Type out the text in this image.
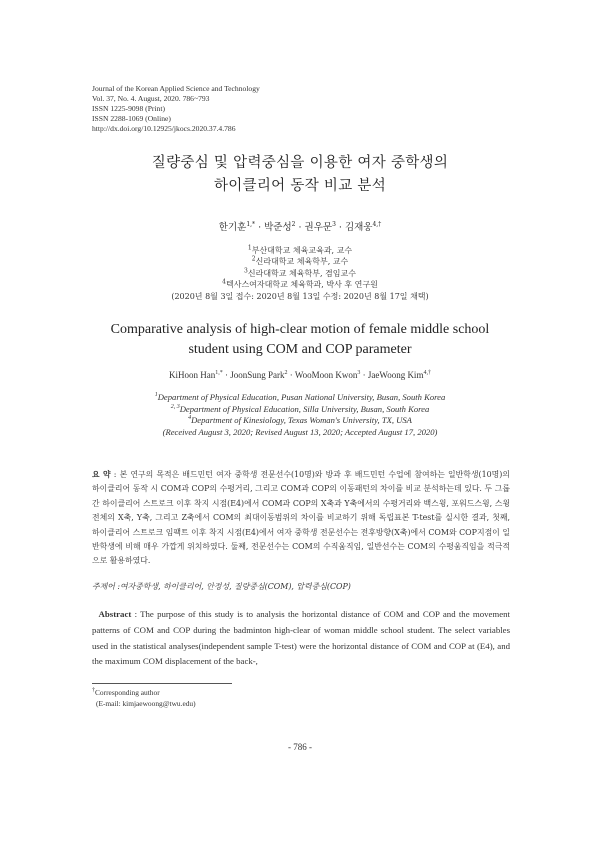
Journal of the Korean Applied Science and Technology
Vol. 37, No. 4. August, 2020. 786~793
ISSN 1225-9098 (Print)
ISSN 2288-1069 (Online)
http://dx.doi.org/10.12925/jkocs.2020.37.4.786
질량중심 및 압력중심을 이용한 여자 중학생의
하이클리어 동작 비교 분석
한기훈$^{1,*}$ · 박준성$^2$ · 권우문$^3$ · 김재웅$^{4,\dagger}$
$^1$부산대학교 체육교육과, 교수
$^2$신라대학교 체육학부, 교수
$^3$신라대학교 체육학부, 겸임교수
$^4$텍사스여자대학교 체육학과, 박사 후 연구원
(2020년 8월 3일 접수: 2020년 8월 13일 수정: 2020년 8월 17일 채택)
Comparative analysis of high-clear motion of female middle school
student using COM and COP parameter
KiHoon Han$^{1,*}$ · JoonSung Park$^2$ · WooMoon Kwon$^3$ · JaeWoong Kim$^{4,\dagger}$
$^1$Department of Physical Education, Pusan National University, Busan, South Korea
$^{2, 3}$Department of Physical Education, Silla University, Busan, South Korea
$^4$Department of Kinesiology, Texas Woman's University, TX, USA
(Received August 3, 2020; Revised August 13, 2020; Accepted August 17, 2020)
요 약 : 본 연구의 목적은 배드민턴 여자 중학생 전문선수(10명)와 방과 후 배드민턴 수업에 참여하는 일반학생(10명)의 하이클리어 동작 시 COM과 COP의 수평거리, 그리고 COM과 COP의 이동패턴의 차이를 비교 분석하는데 있다. 두 그룹 간 하이클리어 스트로크 이후 착지 시점(E4)에서 COM과 COP의 X축과 Y축에서의 수평거리와 백스윙, 포워드스윙, 스윙전체의 X축, Y축, 그리고 Z축에서 COM의 최대이동범위의 차이를 비교하기 위해 독립표본 T-test를 실시한 결과, 첫째, 하이클리어 스트로크 임팩트 이후 착지 시점(E4)에서 여자 중학생 전문선수는 전후방향(X축)에서 COM와 COP지점이 일반학생에 비해 매우 가깝게 위치하였다. 둘째, 전문선수는 COM의 수직움직임, 일반선수는 COM의 수평움직임을 적극적으로 활용하였다.
주제어 :여자중학생, 하이클리어, 안정성, 질량중심(COM), 압력중심(COP)
Abstract : The purpose of this study is to analysis the horizontal distance of COM and COP and the movement patterns of COM and COP during the badminton high-clear of woman middle school student. The select variables used in the statistical analyses(independent sample T-test) were the horizontal distance of COM and COP at (E4), and the maximum COM displacement of the back-,
†Corresponding author
(E-mail: kimjaewoong@twu.edu)
- 786 -
